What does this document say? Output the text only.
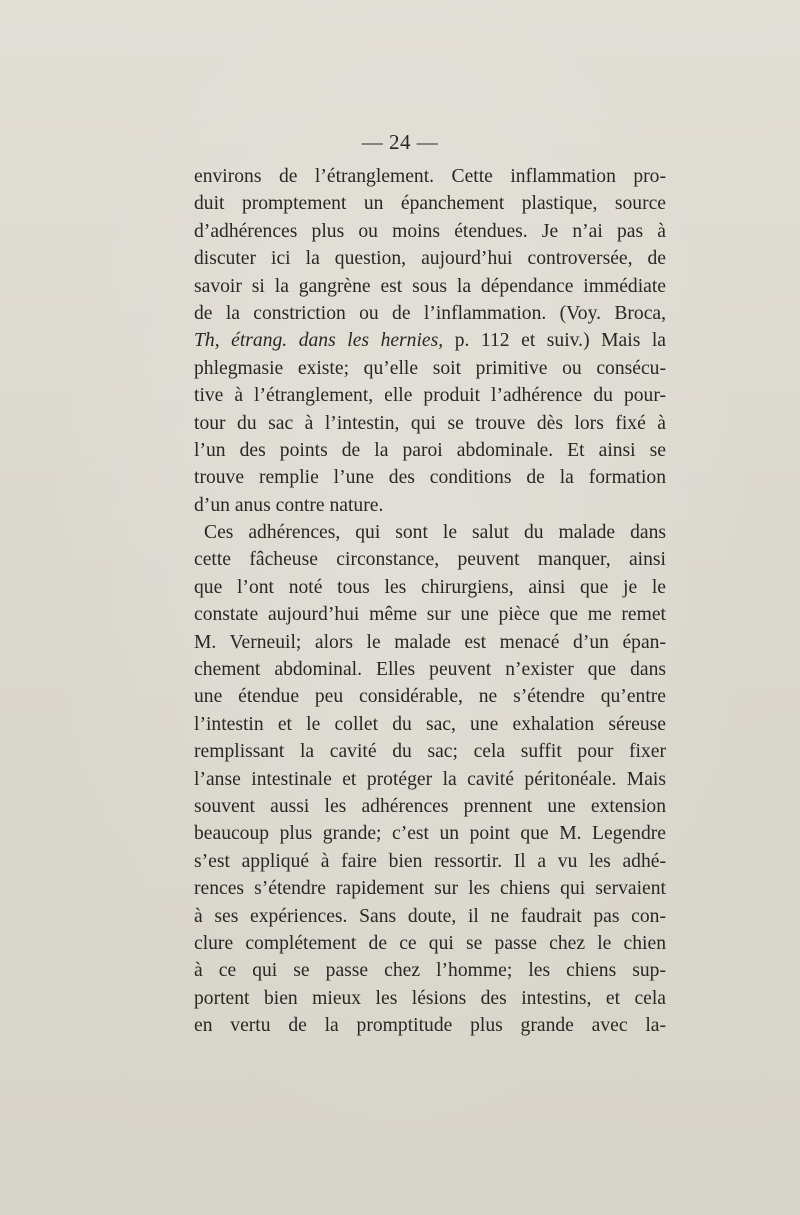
— 24 —
environs de l’étranglement. Cette inflammation pro-
duit promptement un épanchement plastique, source
d’adhérences plus ou moins étendues. Je n’ai pas à
discuter ici la question, aujourd’hui controversée, de
savoir si la gangrène est sous la dépendance immédiate
de la constriction ou de l’inflammation. (Voy. Broca,
Th, étrang. dans les hernies, p. 112 et suiv.) Mais la
phlegmasie existe; qu’elle soit primitive ou consécu-
tive à l’étranglement, elle produit l’adhérence du pour-
tour du sac à l’intestin, qui se trouve dès lors fixé à
l’un des points de la paroi abdominale. Et ainsi se
trouve remplie l’une des conditions de la formation
d’un anus contre nature.
Ces adhérences, qui sont le salut du malade dans
cette fâcheuse circonstance, peuvent manquer, ainsi
que l’ont noté tous les chirurgiens, ainsi que je le
constate aujourd’hui même sur une pièce que me remet
M. Verneuil; alors le malade est menacé d’un épan-
chement abdominal. Elles peuvent n’exister que dans
une étendue peu considérable, ne s’étendre qu’entre
l’intestin et le collet du sac, une exhalation séreuse
remplissant la cavité du sac; cela suffit pour fixer
l’anse intestinale et protéger la cavité péritonéale. Mais
souvent aussi les adhérences prennent une extension
beaucoup plus grande; c’est un point que M. Legendre
s’est appliqué à faire bien ressortir. Il a vu les adhé-
rences s’étendre rapidement sur les chiens qui servaient
à ses expériences. Sans doute, il ne faudrait pas con-
clure complétement de ce qui se passe chez le chien
à ce qui se passe chez l’homme; les chiens sup-
portent bien mieux les lésions des intestins, et cela
en vertu de la promptitude plus grande avec la-
